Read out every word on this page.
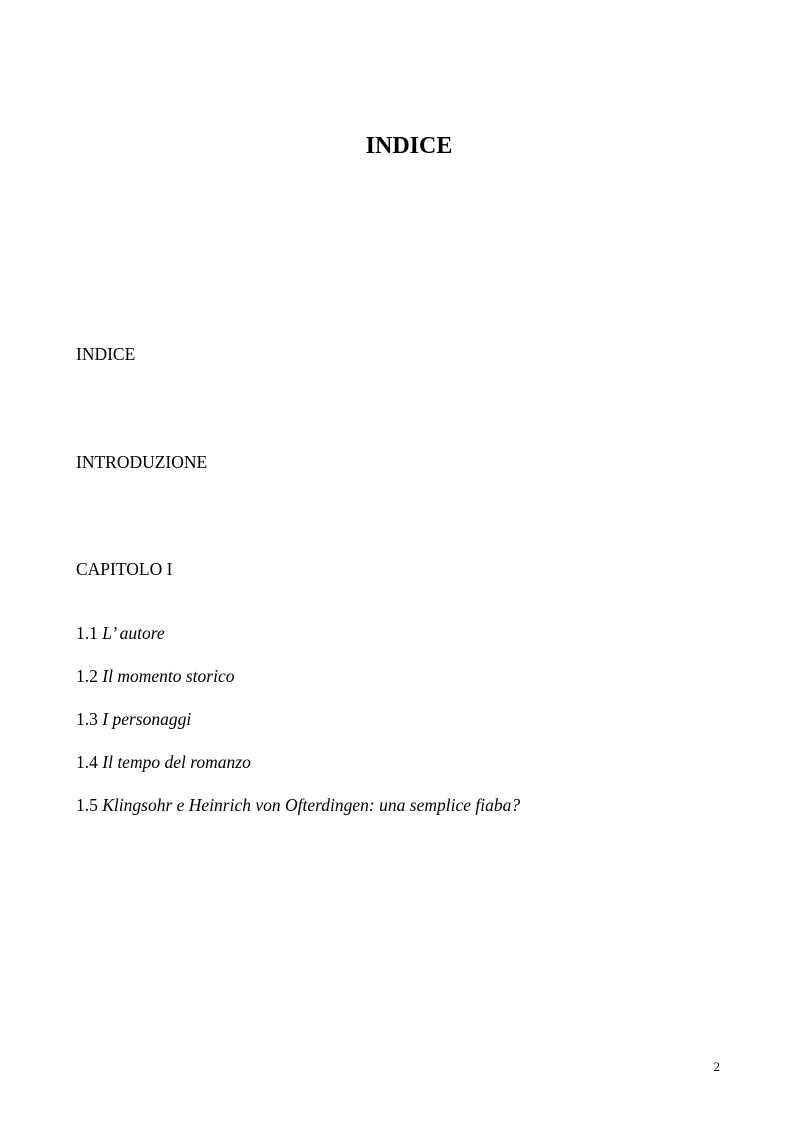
INDICE

INDICE

INTRODUZIONE

CAPITOLO I

1.1 L’ autore

1.2 Il momento storico

1.3 I personaggi

1.4 Il tempo del romanzo

1.5 Klingsohr e Heinrich von Ofterdingen: una semplice fiaba?

2
